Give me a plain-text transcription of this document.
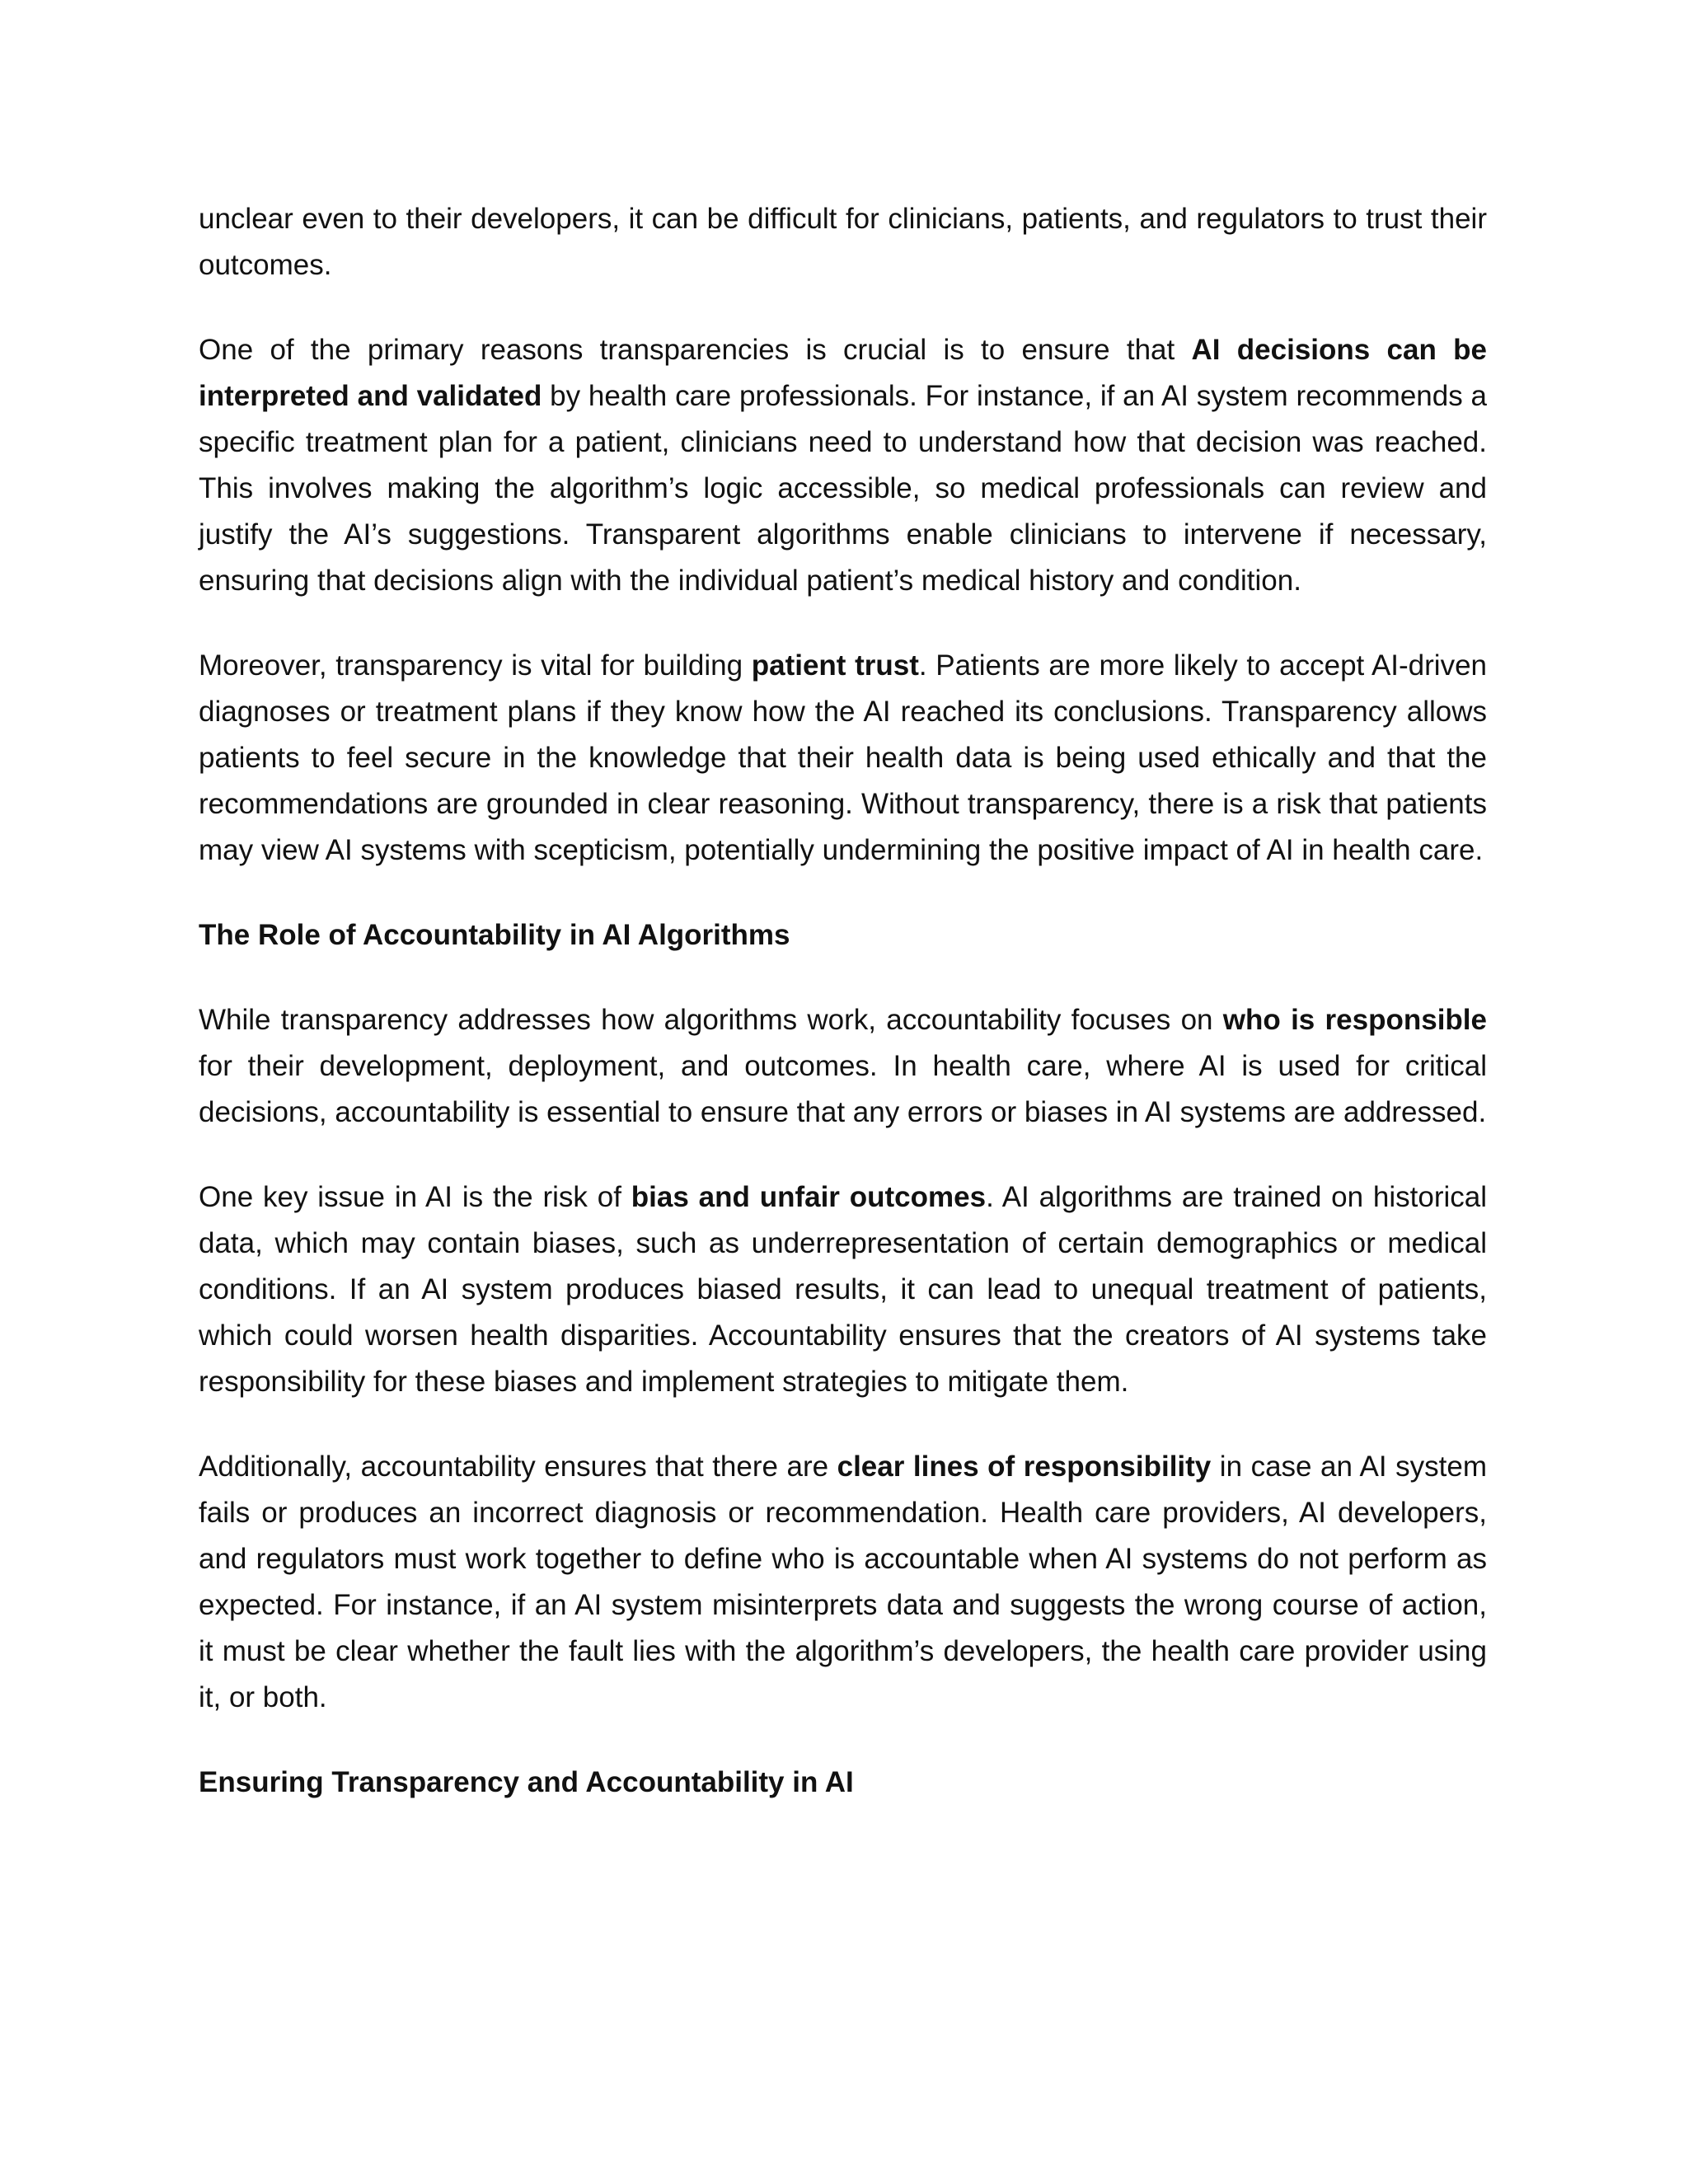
unclear even to their developers, it can be difficult for clinicians, patients, and regulators to trust their outcomes.

One of the primary reasons transparencies is crucial is to ensure that AI decisions can be interpreted and validated by health care professionals. For instance, if an AI system recommends a specific treatment plan for a patient, clinicians need to understand how that decision was reached. This involves making the algorithm’s logic accessible, so medical professionals can review and justify the AI’s suggestions. Transparent algorithms enable clinicians to intervene if necessary, ensuring that decisions align with the individual patient’s medical history and condition.

Moreover, transparency is vital for building patient trust. Patients are more likely to accept AI-driven diagnoses or treatment plans if they know how the AI reached its conclusions. Transparency allows patients to feel secure in the knowledge that their health data is being used ethically and that the recommendations are grounded in clear reasoning. Without transparency, there is a risk that patients may view AI systems with scepticism, potentially undermining the positive impact of AI in health care.

The Role of Accountability in AI Algorithms

While transparency addresses how algorithms work, accountability focuses on who is responsible for their development, deployment, and outcomes. In health care, where AI is used for critical decisions, accountability is essential to ensure that any errors or biases in AI systems are addressed.

One key issue in AI is the risk of bias and unfair outcomes. AI algorithms are trained on historical data, which may contain biases, such as underrepresentation of certain demographics or medical conditions. If an AI system produces biased results, it can lead to unequal treatment of patients, which could worsen health disparities. Accountability ensures that the creators of AI systems take responsibility for these biases and implement strategies to mitigate them.

Additionally, accountability ensures that there are clear lines of responsibility in case an AI system fails or produces an incorrect diagnosis or recommendation. Health care providers, AI developers, and regulators must work together to define who is accountable when AI systems do not perform as expected. For instance, if an AI system misinterprets data and suggests the wrong course of action, it must be clear whether the fault lies with the algorithm’s developers, the health care provider using it, or both.

Ensuring Transparency and Accountability in AI
